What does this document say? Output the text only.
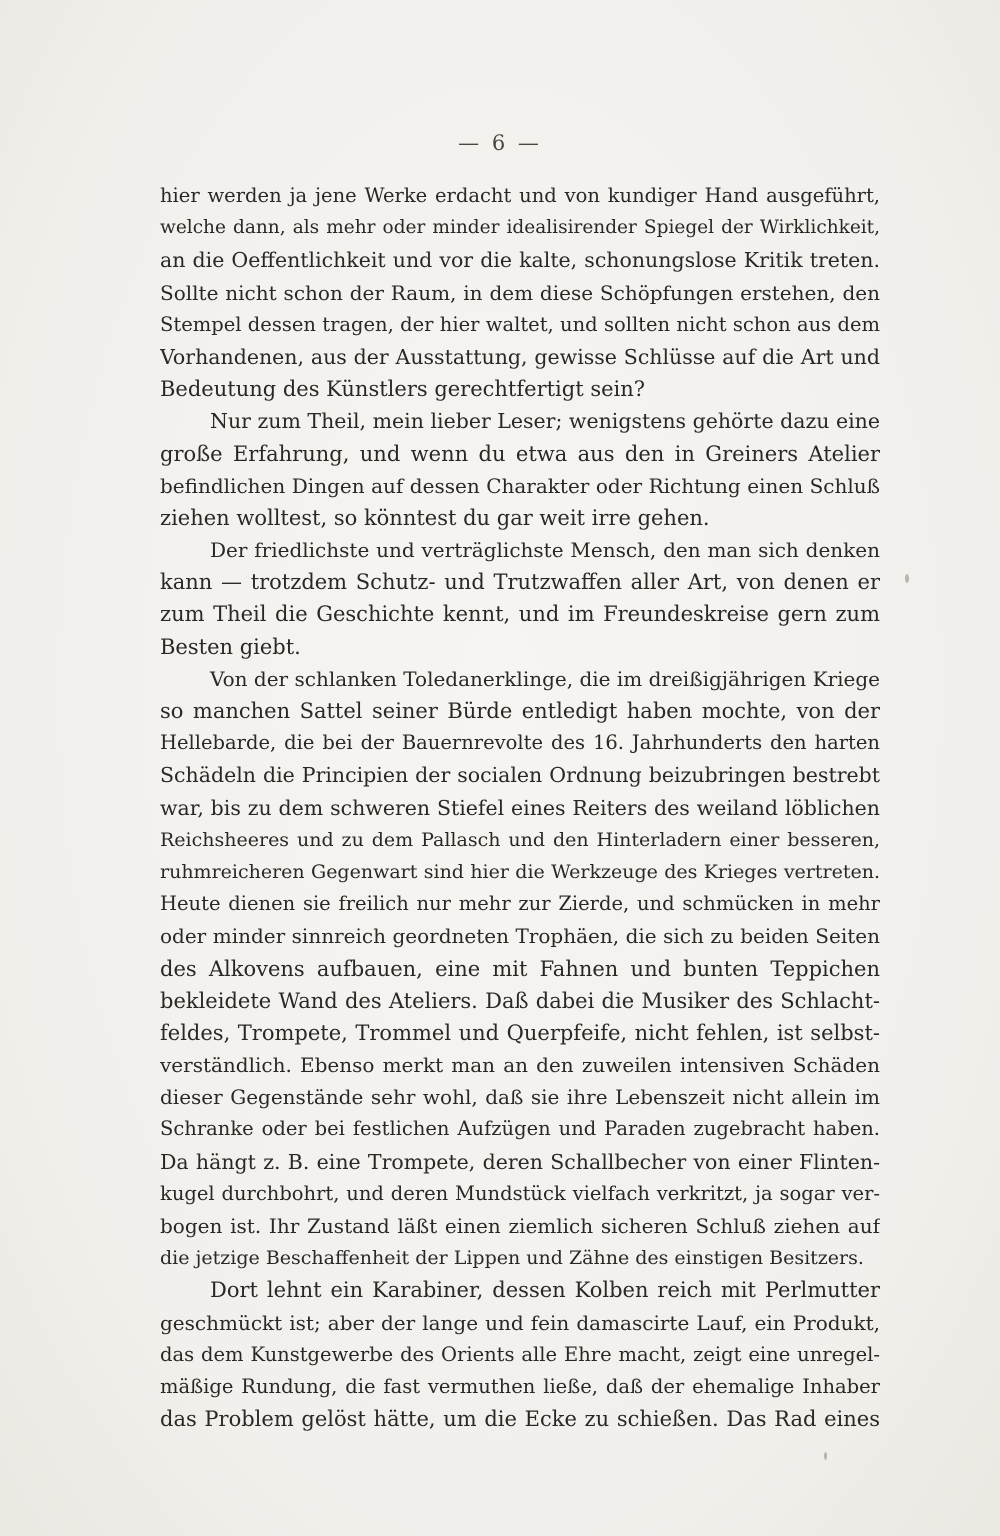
— 6 —
hier werden ja jene Werke erdacht und von kundiger Hand ausgeführt,
welche dann, als mehr oder minder idealisirender Spiegel der Wirklichkeit,
an die Oeffentlichkeit und vor die kalte, schonungslose Kritik treten.
Sollte nicht schon der Raum, in dem diese Schöpfungen erstehen, den
Stempel dessen tragen, der hier waltet, und sollten nicht schon aus dem
Vorhandenen, aus der Ausstattung, gewisse Schlüsse auf die Art und
Bedeutung des Künstlers gerechtfertigt sein?
Nur zum Theil, mein lieber Leser; wenigstens gehörte dazu eine
große Erfahrung, und wenn du etwa aus den in Greiners Atelier
befindlichen Dingen auf dessen Charakter oder Richtung einen Schluß
ziehen wolltest, so könntest du gar weit irre gehen.
Der friedlichste und verträglichste Mensch, den man sich denken
kann — trotzdem Schutz- und Trutzwaffen aller Art, von denen er
zum Theil die Geschichte kennt, und im Freundeskreise gern zum
Besten giebt.
Von der schlanken Toledanerklinge, die im dreißigjährigen Kriege
so manchen Sattel seiner Bürde entledigt haben mochte, von der
Hellebarde, die bei der Bauernrevolte des 16. Jahrhunderts den harten
Schädeln die Principien der socialen Ordnung beizubringen bestrebt
war, bis zu dem schweren Stiefel eines Reiters des weiland löblichen
Reichsheeres und zu dem Pallasch und den Hinterladern einer besseren,
ruhmreicheren Gegenwart sind hier die Werkzeuge des Krieges vertreten.
Heute dienen sie freilich nur mehr zur Zierde, und schmücken in mehr
oder minder sinnreich geordneten Trophäen, die sich zu beiden Seiten
des Alkovens aufbauen, eine mit Fahnen und bunten Teppichen
bekleidete Wand des Ateliers. Daß dabei die Musiker des Schlacht-
feldes, Trompete, Trommel und Querpfeife, nicht fehlen, ist selbst-
verständlich. Ebenso merkt man an den zuweilen intensiven Schäden
dieser Gegenstände sehr wohl, daß sie ihre Lebenszeit nicht allein im
Schranke oder bei festlichen Aufzügen und Paraden zugebracht haben.
Da hängt z. B. eine Trompete, deren Schallbecher von einer Flinten-
kugel durchbohrt, und deren Mundstück vielfach verkritzt, ja sogar ver-
bogen ist. Ihr Zustand läßt einen ziemlich sicheren Schluß ziehen auf
die jetzige Beschaffenheit der Lippen und Zähne des einstigen Besitzers.
Dort lehnt ein Karabiner, dessen Kolben reich mit Perlmutter
geschmückt ist; aber der lange und fein damascirte Lauf, ein Produkt,
das dem Kunstgewerbe des Orients alle Ehre macht, zeigt eine unregel-
mäßige Rundung, die fast vermuthen ließe, daß der ehemalige Inhaber
das Problem gelöst hätte, um die Ecke zu schießen. Das Rad eines
